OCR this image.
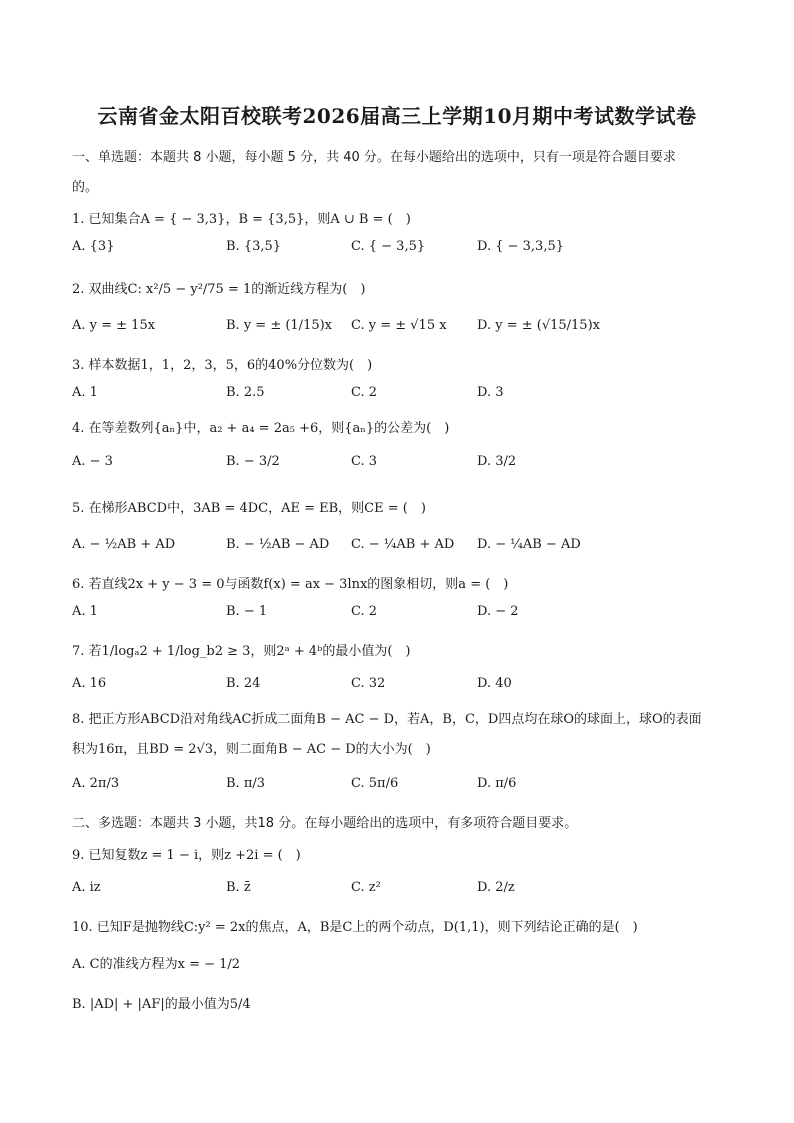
云南省金太阳百校联考2026届高三上学期10月期中考试数学试卷
一、单选题：本题共 8 小题，每小题 5 分，共 40 分。在每小题给出的选项中，只有一项是符合题目要求
的。
1. 已知集合A = { − 3,3}，B = {3,5}，则A ∪ B = (　)
A. {3}	B. {3,5}	C. { − 3,5}	D. { − 3,3,5}
2. 双曲线C: x²/5 − y²/75 = 1的渐近线方程为(　)
A. y = ± 15x	B. y = ± (1/15)x C. y = ± √15 x D. y = ± (√15/15)x
3. 样本数据1，1，2，3，5，6的40%分位数为(　)
A. 1	B. 2.5	C. 2	D. 3
4. 在等差数列{aₙ}中，a₂ + a₄ = 2a₅ +6，则{aₙ}的公差为(　)
A. − 3	B. − 3/2	C. 3	D. 3/2
5. 在梯形ABCD中，3AB = 4DC，AE = EB，则CE = (　)
A. − ½AB + AD	B. − ½AB − AD C. − ¼AB + AD D. − ¼AB − AD
6. 若直线2x + y − 3 = 0与函数f(x) = ax − 3lnx的图象相切，则a = (　)
A. 1	B. − 1	C. 2	D. − 2
7. 若1/logₐ2 + 1/log_b2 ≥ 3，则2ᵃ + 4ᵇ的最小值为(　)
A. 16	B. 24	C. 32	D. 40
8. 把正方形ABCD沿对角线AC折成二面角B − AC − D，若A，B，C，D四点均在球O的球面上，球O的表面
积为16π，且BD = 2√3，则二面角B − AC − D的大小为(　)
A. 2π/3	B. π/3	C. 5π/6	D. π/6
二、多选题：本题共 3 小题，共18 分。在每小题给出的选项中，有多项符合题目要求。
9. 已知复数z = 1 − i，则z +2i = (　)
A. iz	B. z̄	C. z²	D. 2/z
10. 已知F是抛物线C:y² = 2x的焦点，A，B是C上的两个动点，D(1,1)，则下列结论正确的是(　)
A. C的准线方程为x = − 1/2
B. |AD| + |AF|的最小值为5/4
